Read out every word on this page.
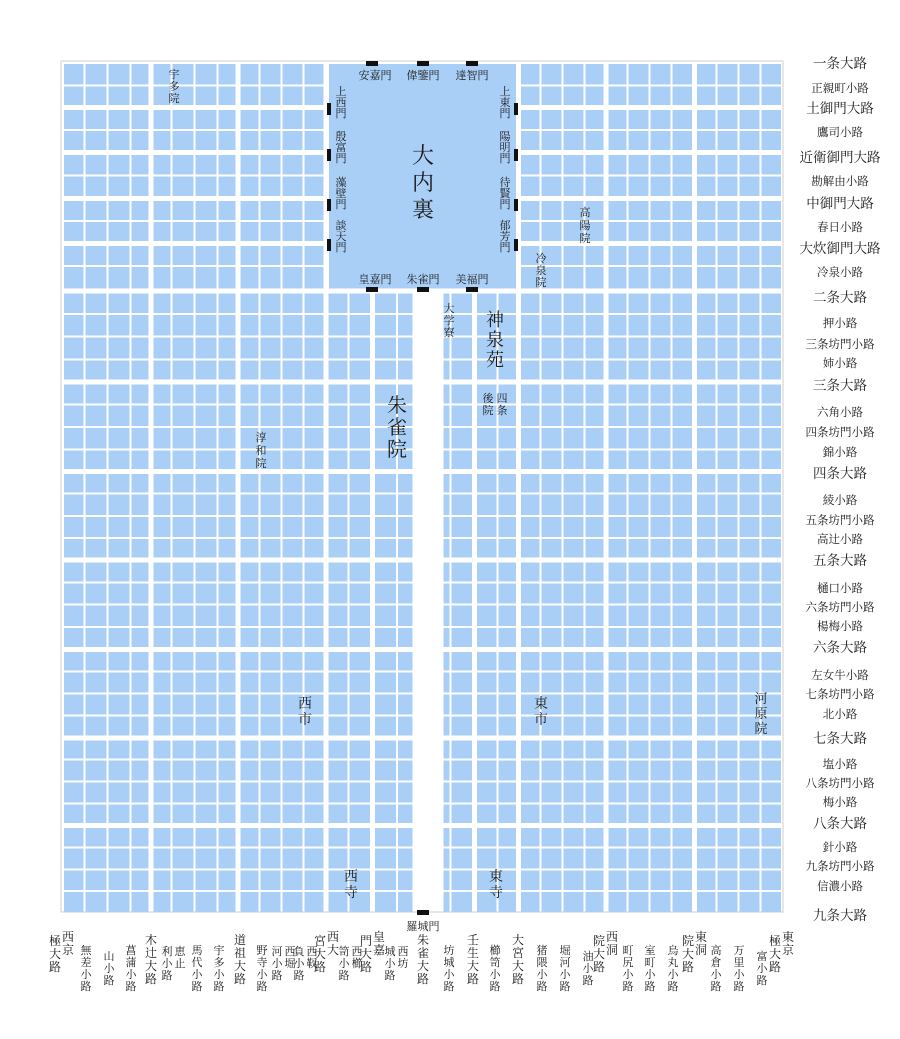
大内裏
安嘉門 偉鑒門 達智門
皇嘉門 朱雀門 美福門
上西門
殷富門
藻壁門
談天門
上東門
陽明門
待賢門
郁芳門
高陽院
神泉苑
朱雀院
四条
後院
淳和院
西市
東市
河原院
西寺
東寺
羅城門
宇多院
冷泉院
大学寮
一条大路
正親町小路
土御門大路
鷹司小路
近衛御門大路
勘解由小路
中御門大路
春日小路
大炊御門大路
冷泉小路
二条大路
押小路
三条坊門小路
姉小路
三条大路
六角小路
四条坊門小路
錦小路
四条大路
綾小路
五条坊門小路
高辻小路
五条大路
樋口小路
六条坊門小路
楊梅小路
六条大路
左女牛小路
七条坊門小路
北小路
七条大路
塩小路
八条坊門小路
梅小路
八条大路
針小路
九条坊門小路
信濃小路
九条大路
西京
極大路
無差小路
山小路
菖蒲小路
木辻大路
恵止
利小路
馬代小路
宇多小路
道祖大路
野寺小路
西堀
河小路
西靫
負小路
西大
宮大路
西櫛
笥小路
皇嘉
門大路
西坊
城小路
朱雀大路
坊城小路
壬生大路
櫛笥小路
大宮大路
猪隈小路
堀河小路
油小路
西洞
院大路
町尻小路
室町小路
烏丸小路
東洞
院大路
高倉小路
万里小路
富小路
東京
極大路
